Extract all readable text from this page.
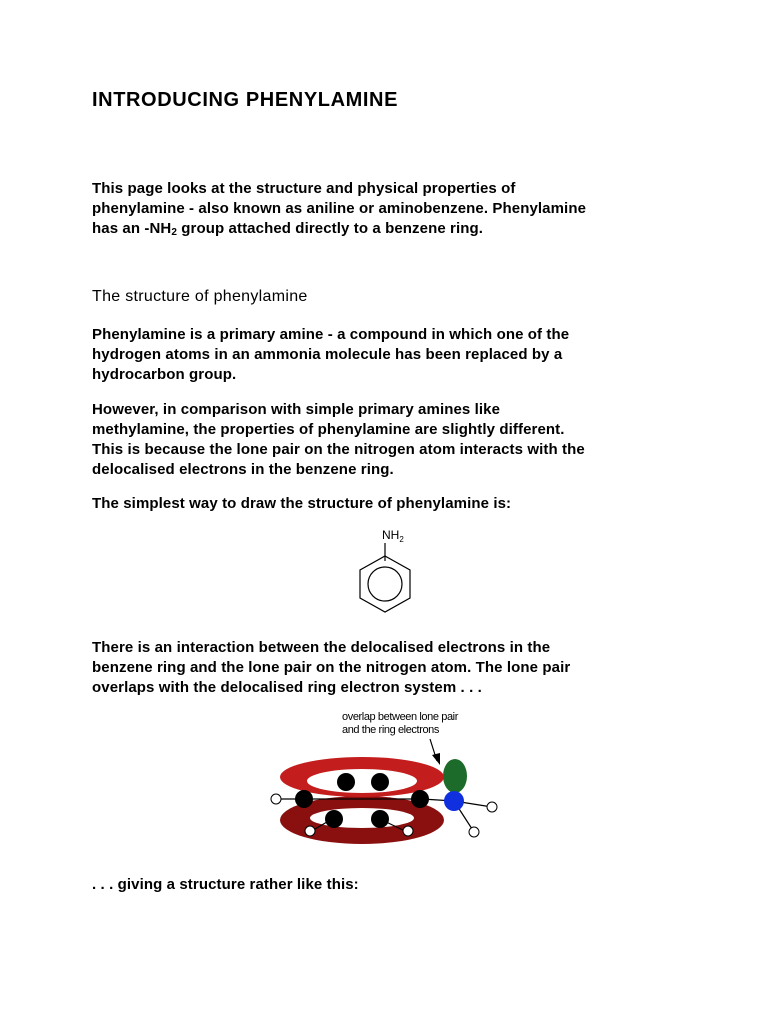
INTRODUCING PHENYLAMINE

This page looks at the structure and physical properties of
phenylamine - also known as aniline or aminobenzene. Phenylamine
has an $-NH_2$ group attached directly to a benzene ring.

The structure of phenylamine

Phenylamine is a primary amine - a compound in which one of the
hydrogen atoms in an ammonia molecule has been replaced by a
hydrocarbon group.

However, in comparison with simple primary amines like
methylamine, the properties of phenylamine are slightly different.
This is because the lone pair on the nitrogen atom interacts with the
delocalised electrons in the benzene ring.

The simplest way to draw the structure of phenylamine is:

$NH_2$

There is an interaction between the delocalised electrons in the
benzene ring and the lone pair on the nitrogen atom. The lone pair
overlaps with the delocalised ring electron system . . .

overlap between lone pair
and the ring electrons

. . . giving a structure rather like this:
